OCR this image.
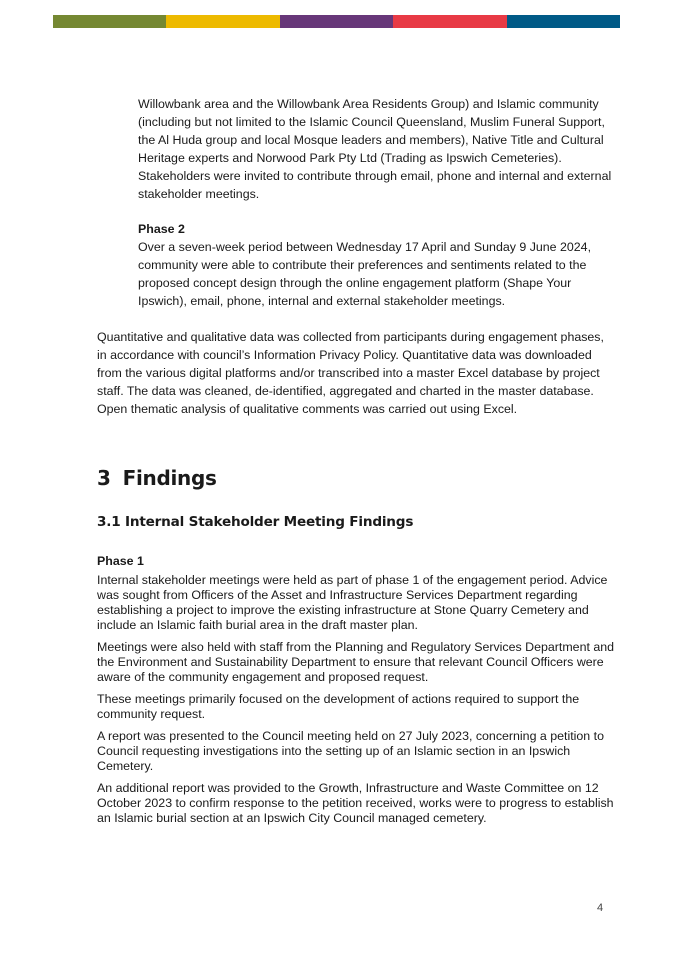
Willowbank area and the Willowbank Area Residents Group) and Islamic community (including but not limited to the Islamic Council Queensland, Muslim Funeral Support, the Al Huda group and local Mosque leaders and members), Native Title and Cultural Heritage experts and Norwood Park Pty Ltd (Trading as Ipswich Cemeteries). Stakeholders were invited to contribute through email, phone and internal and external stakeholder meetings.

Phase 2

Over a seven-week period between Wednesday 17 April and Sunday 9 June 2024, community were able to contribute their preferences and sentiments related to the proposed concept design through the online engagement platform (Shape Your Ipswich), email, phone, internal and external stakeholder meetings.

Quantitative and qualitative data was collected from participants during engagement phases, in accordance with council’s Information Privacy Policy. Quantitative data was downloaded from the various digital platforms and/or transcribed into a master Excel database by project staff. The data was cleaned, de-identified, aggregated and charted in the master database. Open thematic analysis of qualitative comments was carried out using Excel.

3 Findings

3.1 Internal Stakeholder Meeting Findings

Phase 1

Internal stakeholder meetings were held as part of phase 1 of the engagement period. Advice was sought from Officers of the Asset and Infrastructure Services Department regarding establishing a project to improve the existing infrastructure at Stone Quarry Cemetery and include an Islamic faith burial area in the draft master plan.

Meetings were also held with staff from the Planning and Regulatory Services Department and the Environment and Sustainability Department to ensure that relevant Council Officers were aware of the community engagement and proposed request.

These meetings primarily focused on the development of actions required to support the community request.

A report was presented to the Council meeting held on 27 July 2023, concerning a petition to Council requesting investigations into the setting up of an Islamic section in an Ipswich Cemetery.

An additional report was provided to the Growth, Infrastructure and Waste Committee on 12 October 2023 to confirm response to the petition received, works were to progress to establish an Islamic burial section at an Ipswich City Council managed cemetery.

4
